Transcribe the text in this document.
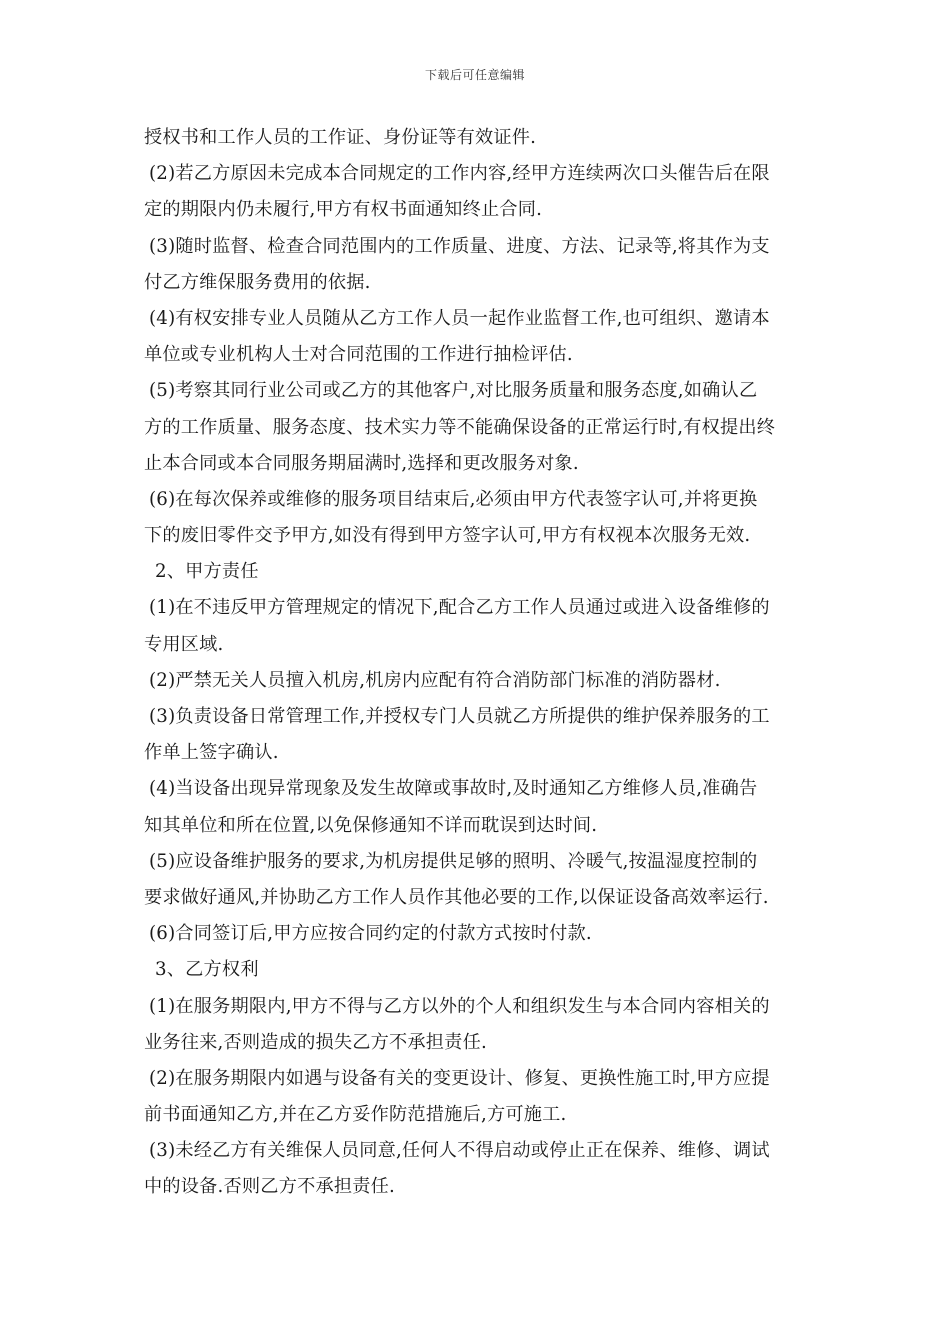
下载后可任意编辑
授权书和工作人员的工作证、身份证等有效证件.
(2)若乙方原因未完成本合同规定的工作内容,经甲方连续两次口头催告后在限
定的期限内仍未履行,甲方有权书面通知终止合同.
(3)随时监督、检查合同范围内的工作质量、进度、方法、记录等,将其作为支
付乙方维保服务费用的依据.
(4)有权安排专业人员随从乙方工作人员一起作业监督工作,也可组织、邀请本
单位或专业机构人士对合同范围的工作进行抽检评估.
(5)考察其同行业公司或乙方的其他客户,对比服务质量和服务态度,如确认乙
方的工作质量、服务态度、技术实力等不能确保设备的正常运行时,有权提出终
止本合同或本合同服务期届满时,选择和更改服务对象.
(6)在每次保养或维修的服务项目结束后,必须由甲方代表签字认可,并将更换
下的废旧零件交予甲方,如没有得到甲方签字认可,甲方有权视本次服务无效.
2、甲方责任
(1)在不违反甲方管理规定的情况下,配合乙方工作人员通过或进入设备维修的
专用区域.
(2)严禁无关人员擅入机房,机房内应配有符合消防部门标准的消防器材.
(3)负责设备日常管理工作,并授权专门人员就乙方所提供的维护保养服务的工
作单上签字确认.
(4)当设备出现异常现象及发生故障或事故时,及时通知乙方维修人员,准确告
知其单位和所在位置,以免保修通知不详而耽误到达时间.
(5)应设备维护服务的要求,为机房提供足够的照明、冷暖气,按温湿度控制的
要求做好通风,并协助乙方工作人员作其他必要的工作,以保证设备高效率运行.
(6)合同签订后,甲方应按合同约定的付款方式按时付款.
3、乙方权利
(1)在服务期限内,甲方不得与乙方以外的个人和组织发生与本合同内容相关的
业务往来,否则造成的损失乙方不承担责任.
(2)在服务期限内如遇与设备有关的变更设计、修复、更换性施工时,甲方应提
前书面通知乙方,并在乙方妥作防范措施后,方可施工.
(3)未经乙方有关维保人员同意,任何人不得启动或停止正在保养、维修、调试
中的设备.否则乙方不承担责任.
